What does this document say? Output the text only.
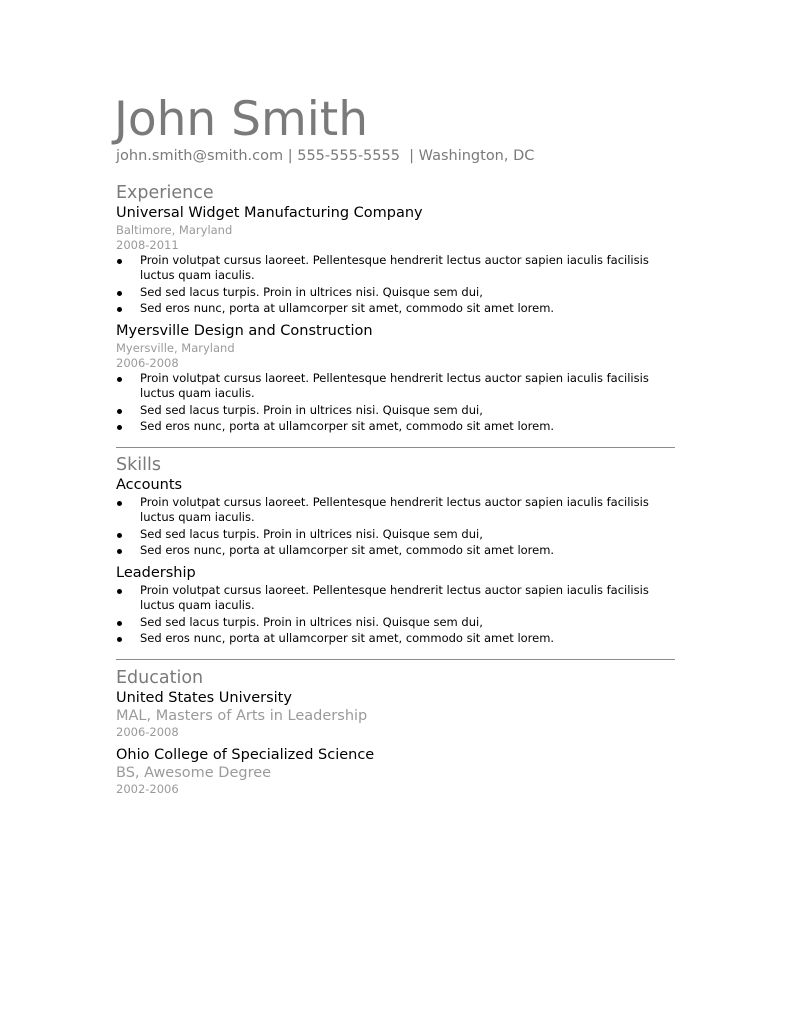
John Smith
john.smith@smith.com | 555-555-5555  | Washington, DC
Experience
Universal Widget Manufacturing Company
Baltimore, Maryland
2008-2011
Proin volutpat cursus laoreet. Pellentesque hendrerit lectus auctor sapien iaculis facilisis luctus quam iaculis.
Sed sed lacus turpis. Proin in ultrices nisi. Quisque sem dui,
Sed eros nunc, porta at ullamcorper sit amet, commodo sit amet lorem.
Myersville Design and Construction
Myersville, Maryland
2006-2008
Proin volutpat cursus laoreet. Pellentesque hendrerit lectus auctor sapien iaculis facilisis luctus quam iaculis.
Sed sed lacus turpis. Proin in ultrices nisi. Quisque sem dui,
Sed eros nunc, porta at ullamcorper sit amet, commodo sit amet lorem.
Skills
Accounts
Proin volutpat cursus laoreet. Pellentesque hendrerit lectus auctor sapien iaculis facilisis luctus quam iaculis.
Sed sed lacus turpis. Proin in ultrices nisi. Quisque sem dui,
Sed eros nunc, porta at ullamcorper sit amet, commodo sit amet lorem.
Leadership
Proin volutpat cursus laoreet. Pellentesque hendrerit lectus auctor sapien iaculis facilisis luctus quam iaculis.
Sed sed lacus turpis. Proin in ultrices nisi. Quisque sem dui,
Sed eros nunc, porta at ullamcorper sit amet, commodo sit amet lorem.
Education
United States University
MAL, Masters of Arts in Leadership
2006-2008
Ohio College of Specialized Science
BS, Awesome Degree
2002-2006
